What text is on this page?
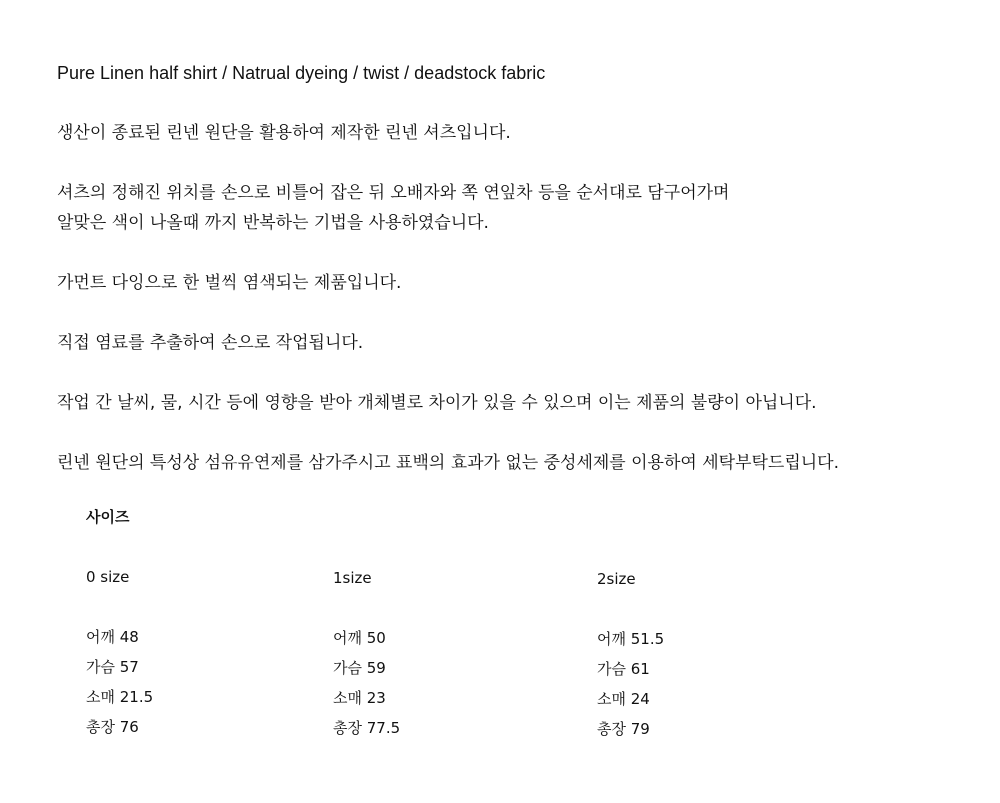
Pure Linen half shirt / Natrual dyeing / twist / deadstock fabric

생산이 종료된 린넨 원단을 활용하여 제작한 린넨 셔츠입니다.

셔츠의 정해진 위치를 손으로 비틀어 잡은 뒤 오배자와 쪽 연잎차 등을 순서대로 담구어가며

알맞은 색이 나올때 까지 반복하는 기법을 사용하였습니다.

가먼트 다잉으로 한 벌씩 염색되는 제품입니다.

직접 염료를 추출하여 손으로 작업됩니다.

작업 간 날씨, 물, 시간 등에 영향을 받아 개체별로 차이가 있을 수 있으며 이는 제품의 불량이 아닙니다.

린넨 원단의 특성상 섬유유연제를 삼가주시고 표백의 효과가 없는 중성세제를 이용하여 세탁부탁드립니다.

사이즈
0 size
어깨 48
가슴 57
소매 21.5
총장 76
1size
어깨 50
가슴 59
소매 23
총장 77.5
2size
어깨 51.5
가슴 61
소매 24
총장 79
